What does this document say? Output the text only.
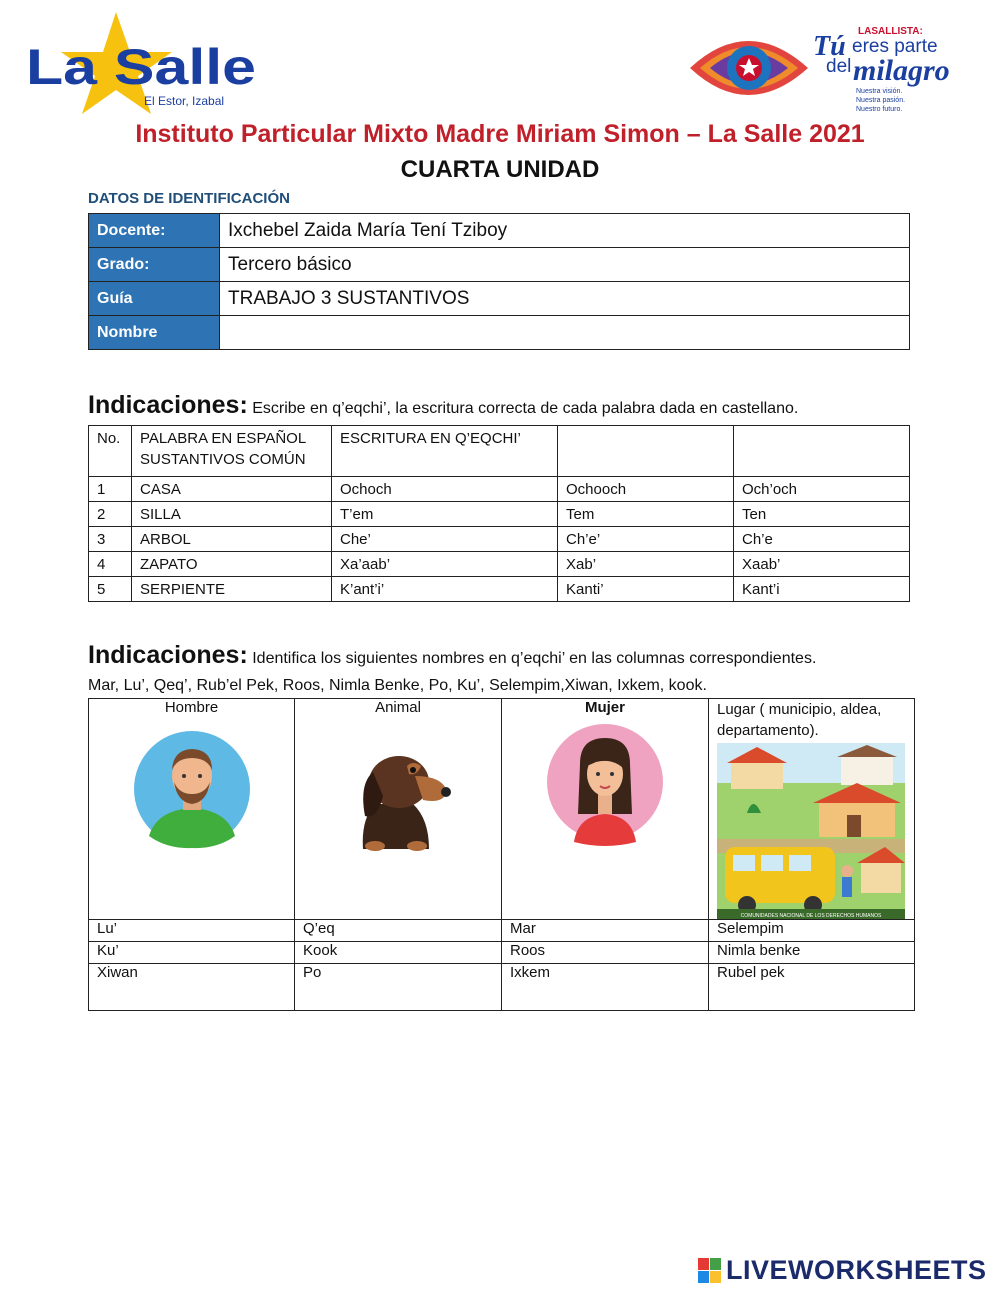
La Salle
El Estor, Izabal
LASALLISTA:
Tú eres parte
del milagro
Nuestra visión.
Nuestra pasión.
Nuestro futuro.
Instituto Particular Mixto Madre Miriam Simon – La Salle 2021
CUARTA UNIDAD
DATOS DE IDENTIFICACIÓN
Docente:	Ixchebel Zaida María Tení Tziboy
Grado:	Tercero básico
Guía	TRABAJO 3 SUSTANTIVOS
Nombre	
Indicaciones: Escribe en q’eqchi’, la escritura correcta de cada palabra dada en castellano.
No.	PALABRA EN ESPAÑOL SUSTANTIVOS COMÚN	ESCRITURA EN Q’EQCHI’		
1	CASA	Ochoch	Ochooch	Och’och
2	SILLA	T’em	Tem	Ten
3	ARBOL	Che’	Ch’e’	Ch’e
4	ZAPATO	Xa’aab’	Xab’	Xaab’
5	SERPIENTE	K’ant’i’	Kanti’	Kant’i
Indicaciones: Identifica los siguientes nombres en q’eqchi’ en las columnas correspondientes.
Mar, Lu’, Qeq’, Rub’el Pek, Roos, Nimla Benke, Po, Ku’, Selempim,Xiwan, Ixkem, kook.
Hombre	Animal	Mujer	Lugar ( municipio, aldea, departamento).
COMUNIDADES NACIONAL DE LOS DERECHOS HUMANOS

Lu’	Q’eq	Mar	Selempim
Ku’	Kook	Roos	Nimla benke
Xiwan	Po	Ixkem	Rubel pek
LIVEWORKSHEETS
